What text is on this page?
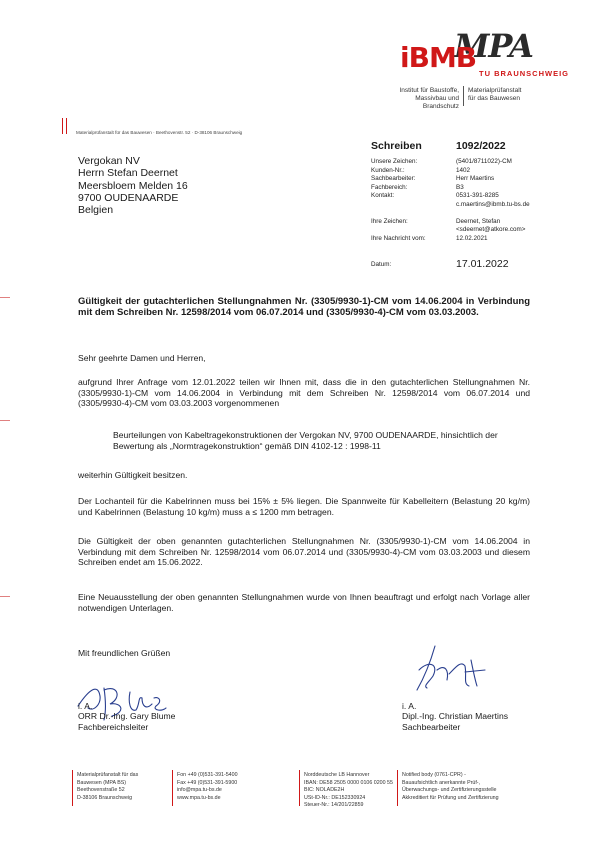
MPA
iBMB TU BRAUNSCHWEIG
Institut für Baustoffe,
Massivbau und Brandschutz
Materialprüfanstalt
für das Bauwesen
Materialprüfanstalt für das Bauwesen · Beethovenstr. 52 · D-38106 Braunschweig
Vergokan NV
Herrn Stefan Deernet
Meersbloem Melden 16
9700 OUDENAARDE
Belgien
Schreiben	1092/2022
Unsere Zeichen:	(5401/8711022)-CM
Kunden-Nr.:	1402
Sachbearbeiter:	Herr Maertins
Fachbereich:	B3
Kontakt:	0531-391-8285
c.maertins@ibmb.tu-bs.de
Ihre Zeichen:	Deernet, Stefan
<sdeernet@atkore.com>
Ihre Nachricht vom:	12.02.2021
Datum:	17.01.2022
Gültigkeit der gutachterlichen Stellungnahmen Nr. (3305/9930-1)-CM vom 14.06.2004 in Verbindung mit dem Schreiben Nr. 12598/2014 vom 06.07.2014 und (3305/9930-4)-CM vom 03.03.2003.
Sehr geehrte Damen und Herren,
aufgrund Ihrer Anfrage vom 12.01.2022 teilen wir Ihnen mit, dass die in den gutachterlichen Stellungnahmen Nr. (3305/9930-1)-CM vom 14.06.2004 in Verbindung mit dem Schreiben Nr. 12598/2014 vom 06.07.2014 und (3305/9930-4)-CM vom 03.03.2003 vorgenommenen
Beurteilungen von Kabeltragekonstruktionen der Vergokan NV, 9700 OUDENAARDE, hinsichtlich der Bewertung als „Normtragekonstruktion“ gemäß DIN 4102-12 : 1998-11
weiterhin Gültigkeit besitzen.
Der Lochanteil für die Kabelrinnen muss bei 15% ± 5% liegen. Die Spannweite für Kabelleitern (Belastung 20 kg/m) und Kabelrinnen (Belastung 10 kg/m) muss a ≤ 1200 mm betragen.
Die Gültigkeit der oben genannten gutachterlichen Stellungnahmen Nr. (3305/9930-1)-CM vom 14.06.2004 in Verbindung mit dem Schreiben Nr. 12598/2014 vom 06.07.2014 und (3305/9930-4)-CM vom 03.03.2003 und diesem Schreiben endet am 15.06.2022.
Eine Neuausstellung der oben genannten Stellungnahmen wurde von Ihnen beauftragt und erfolgt nach Vorlage aller notwendigen Unterlagen.
Mit freundlichen Grüßen
i. A.
ORR Dr.-Ing. Gary Blume
Fachbereichsleiter
i. A.
Dipl.-Ing. Christian Maertins
Sachbearbeiter
Materialprüfanstalt für das
Bauwesen (MPA BS)
Beethovenstraße 52
D-38106 Braunschweig
Fon +49 (0)531-391-5400
Fax +49 (0)531-391-5900
info@mpa.tu-bs.de
www.mpa.tu-bs.de
Norddeutsche LB Hannover
IBAN: DE58 2505 0000 0106 0200 55
BIC: NOLADE2H
USt-ID-Nr.: DE152330924
Steuer-Nr.: 14/201/22859
Notified body (0761-CPR) -
Bauaufsichtlich anerkannte Prüf-,
Überwachungs- und Zertifizierungsstelle
Akkreditiert für Prüfung und Zertifizierung
